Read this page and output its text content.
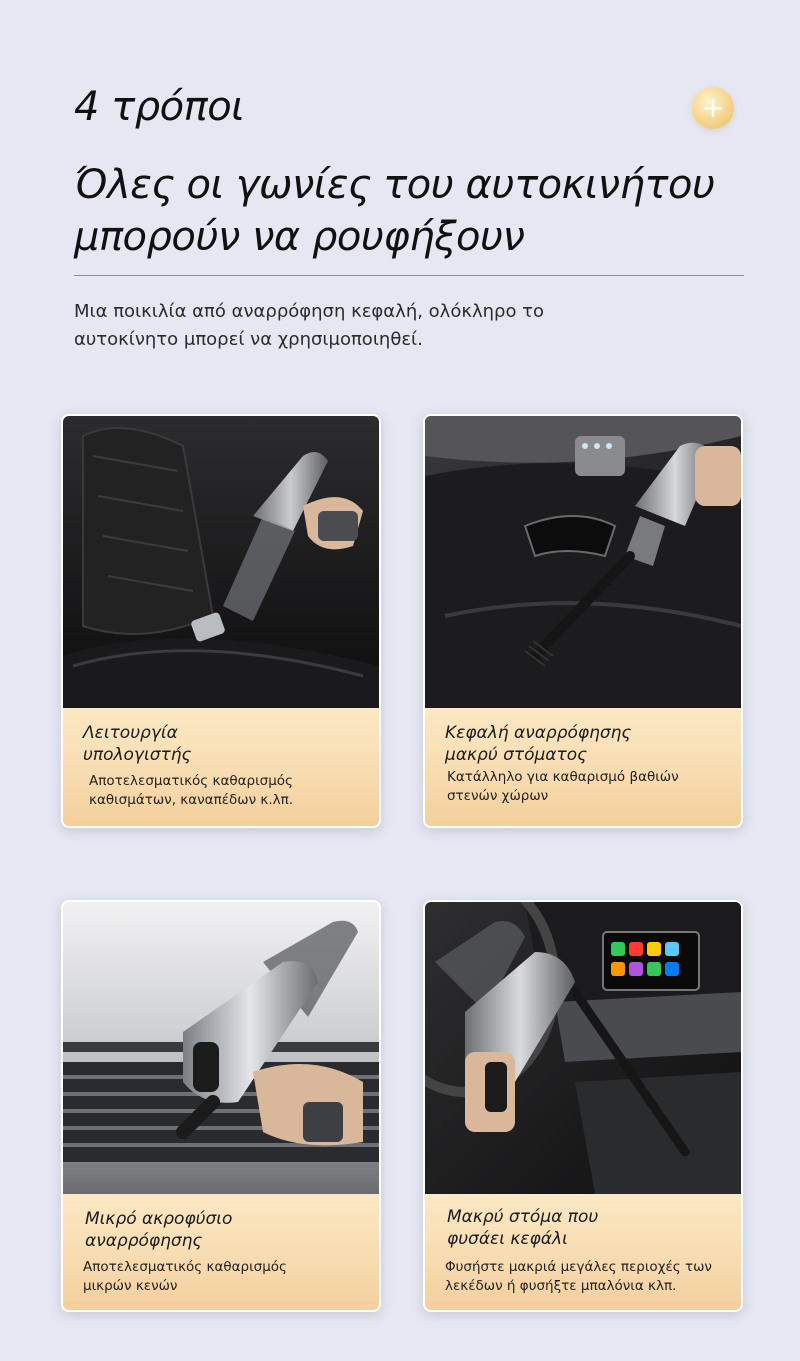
4 τρόποι	+
Όλες οι γωνίες του αυτοκινήτου
μπορούν να ρουφήξουν
Μια ποικιλία από αναρρόφηση κεφαλή, ολόκληρο το
αυτοκίνητο μπορεί να χρησιμοποιηθεί.
Λειτουργία
υπολογιστής
Αποτελεσματικός καθαρισμός
καθισμάτων, καναπέδων κ.λπ.
Κεφαλή αναρρόφησης
μακρύ στόματος
Κατάλληλο για καθαρισμό βαθιών
στενών χώρων
Μικρό ακροφύσιο
αναρρόφησης
Αποτελεσματικός καθαρισμός
μικρών κενών
Μακρύ στόμα που
φυσάει κεφάλι
Φυσήστε μακριά μεγάλες περιοχές των
λεκέδων ή φυσήξτε μπαλόνια κλπ.
